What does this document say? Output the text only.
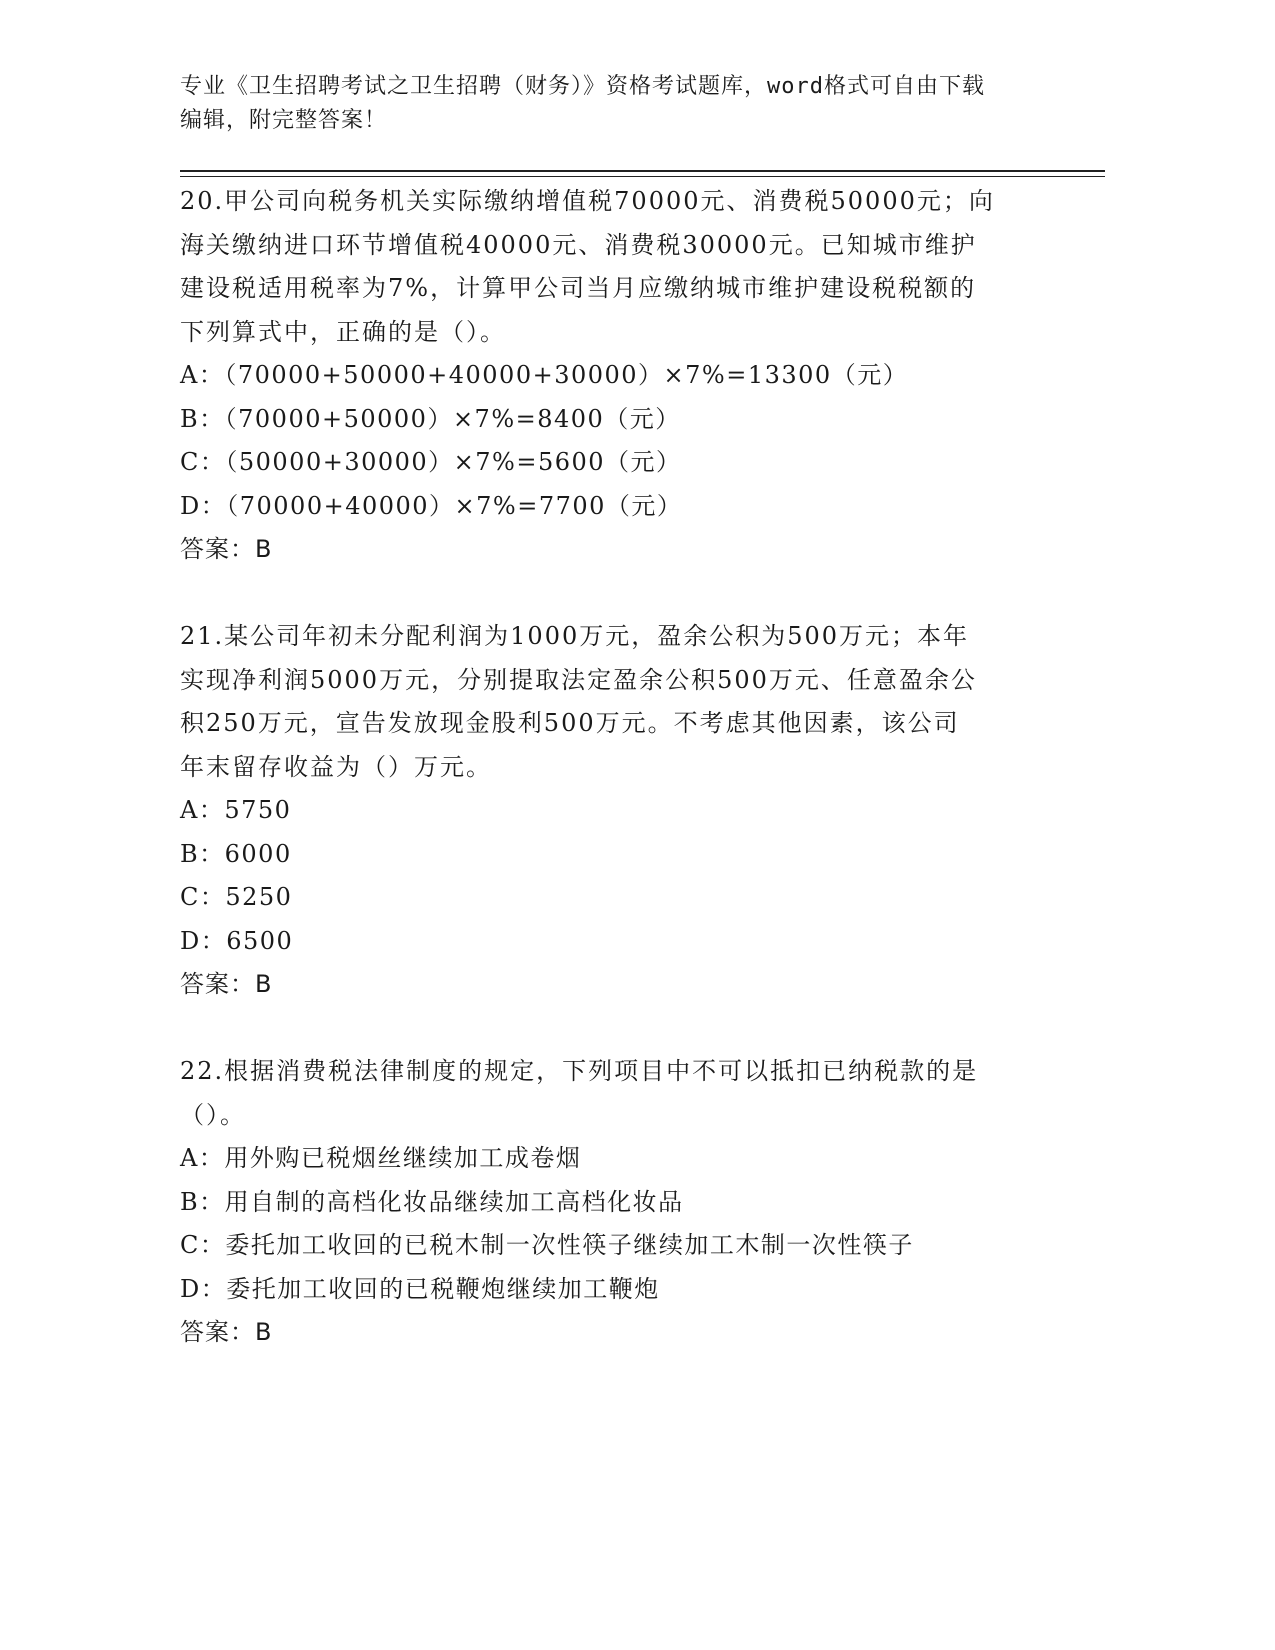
专业《卫生招聘考试之卫生招聘（财务）》资格考试题库，word格式可自由下载
编辑，附完整答案！
20.甲公司向税务机关实际缴纳增值税70000元、消费税50000元；向
海关缴纳进口环节增值税40000元、消费税30000元。已知城市维护
建设税适用税率为7%，计算甲公司当月应缴纳城市维护建设税税额的
下列算式中，正确的是（）。
A：（70000+50000+40000+30000）×7%=13300（元）
B：（70000+50000）×7%=8400（元）
C：（50000+30000）×7%=5600（元）
D：（70000+40000）×7%=7700（元）
答案：B
21.某公司年初未分配利润为1000万元，盈余公积为500万元；本年
实现净利润5000万元，分别提取法定盈余公积500万元、任意盈余公
积250万元，宣告发放现金股利500万元。不考虑其他因素，该公司
年末留存收益为（）万元。
A：5750
B：6000
C：5250
D：6500
答案：B
22.根据消费税法律制度的规定，下列项目中不可以抵扣已纳税款的是
（）。
A：用外购已税烟丝继续加工成卷烟
B：用自制的高档化妆品继续加工高档化妆品
C：委托加工收回的已税木制一次性筷子继续加工木制一次性筷子
D：委托加工收回的已税鞭炮继续加工鞭炮
答案：B
